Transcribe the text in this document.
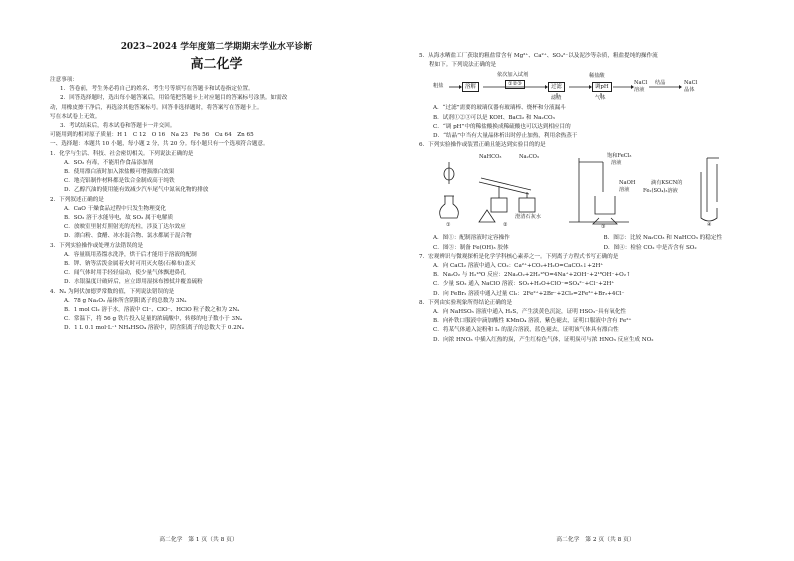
2023~2024 学年度第二学期期末学业水平诊断
高二化学
注意事项：
1．答卷前，考生务必将自己的姓名、考生号等填写在答题卡和试卷指定位置。
2．回答选择题时，选出每小题答案后，用铅笔把答题卡上对应题目的答案标号涂黑。如需改
动，用橡皮擦干净后，再选涂其他答案标号。回答非选择题时，将答案写在答题卡上。
写在本试卷上无效。
3．考试结束后，将本试卷和答题卡一并交回。
可能用到的相对原子质量：H 1　C 12　O 16　Na 23　Fe 56　Cu 64　Zn 65
一、选择题：本题共 10 小题，每小题 2 分，共 20 分。每小题只有一个选项符合题意。
1．化学与生活、科技、社会密切相关。下列说法正确的是
A．SO₂ 有毒，不能用作食品添加剂
B．使用漂白液时加入浓盐酸可增强漂白效果
C．地壳铝制作材料都是钛合金制成高于纯铁
D．乙醇汽油的使用能有效减少汽车尾气中氮氧化物的排放
2．下列叙述正确的是
A．CaO 干燥食品过程中只发生物理变化
B．SO₂ 溶于水能导电，故 SO₂ 属于电解质
C．放映室里射灯照射光的光柱，涉及丁达尔效应
D．漂白粉、食醋、冰水混合物、氯水都属于混合物
3．下列实验操作或处理方法错误的是
A．容量瓶用蒸馏水洗净，烘干后才能用于溶液的配制
B．钾、钠等活泼金属着火时可用灭火毯(石棉布)盖灭
C．闻气体时用手轻轻扇动，使少量气体飘进鼻孔
D．水银温度计破碎后，应立即用湿抹布擦拭并覆盖硫粉
4．Nₐ 为阿伏加德罗常数的值，下列说法错误的是
A．78 g Na₂O₂ 晶体所含阴阳离子的总数为 3Nₐ
B．1 mol Cl₂ 溶于水，溶液中 Cl⁻、ClO⁻、HClO 粒子数之和为 2Nₐ
C．常温下，将 56 g 铁片投入足量的浓硫酸中，转移的电子数小于 3Nₐ
D．1 L 0.1 mol·L⁻¹ NH₄HSO₄ 溶液中，阴含阳离子的总数大于 0.2Nₐ
高二化学　第 1 页（共 8 页）
5．从海水晒盐工厂获取的粗盐常含有 Mg²⁺、Ca²⁺、SO₄²⁻以及泥沙等杂质，粗盐提纯的操作流
程如下。下列说法正确的是
粗盐	溶解
依次加入试剂
①②③	过滤
稀盐酸
调pH
NaCl
溶液
结晶	NaCl
晶体
滤渣	气体
A．“过滤”需要的玻璃仪器有玻璃棒、烧杯和分液漏斗
B．试剂①②③可以是 KOH、BaCl₂ 和 Na₂CO₃
C．“调 pH”中的稀盐酸换成稀硫酸也可以达到相应目的
D．“结晶”中当有大量晶体析出时停止加热，利用余热蒸干
6．下列实验操作或装置正确且能达到实验目的的是
NaHCO₃	Na₂CO₃
澄清石灰水
饱和FeCl₃
溶液
NaOH
溶液
滴有KSCN的
Fe₂(SO₄)₃溶液
①	②	③	④
A．图①：配制溶液时定容操作	B．图②：比较 Na₂CO₃ 和 NaHCO₃ 的稳定性
C．图③：制备 Fe(OH)₃ 胶体	D．图④：检验 CO₂ 中是否含有 SO₂
7．宏观辨识与微观探析是化学学科核心素养之一。下列离子方程式书写正确的是
A．向 CaCl₂ 溶液中通入 CO₂：Ca²⁺+CO₂+H₂O=CaCO₃↓+2H⁺
B．Na₂O₂ 与 H₂¹⁸O 反应：2Na₂O₂+2H₂¹⁸O=4Na⁺+2OH⁻+2¹⁸OH⁻+O₂↑
C．少量 SO₂ 通入 NaClO 溶液：SO₂+H₂O+ClO⁻=SO₄²⁻+Cl⁻+2H⁺
D．向 FeBr₂ 溶液中通入过量 Cl₂：2Fe²⁺+2Br⁻+2Cl₂=2Fe³⁺+Br₂+4Cl⁻
8．下列由实验现象所得结论正确的是
A．向 NaHSO₃ 溶液中通入 H₂S，产生淡黄色沉淀，证明 HSO₃⁻具有氧化性
B．向补铁口服液中滴加酸性 KMnO₄ 溶液，紫色褪去，证明口服液中含有 Fe²⁺
C．将某气体通入淀粉和 I₂ 的混合溶液，蓝色褪去，证明该气体具有漂白性
D．向浓 HNO₃ 中插入红热的炭，产生红棕色气体，证明炭可与浓 HNO₃ 反应生成 NO₂
高二化学　第 2 页（共 8 页）
